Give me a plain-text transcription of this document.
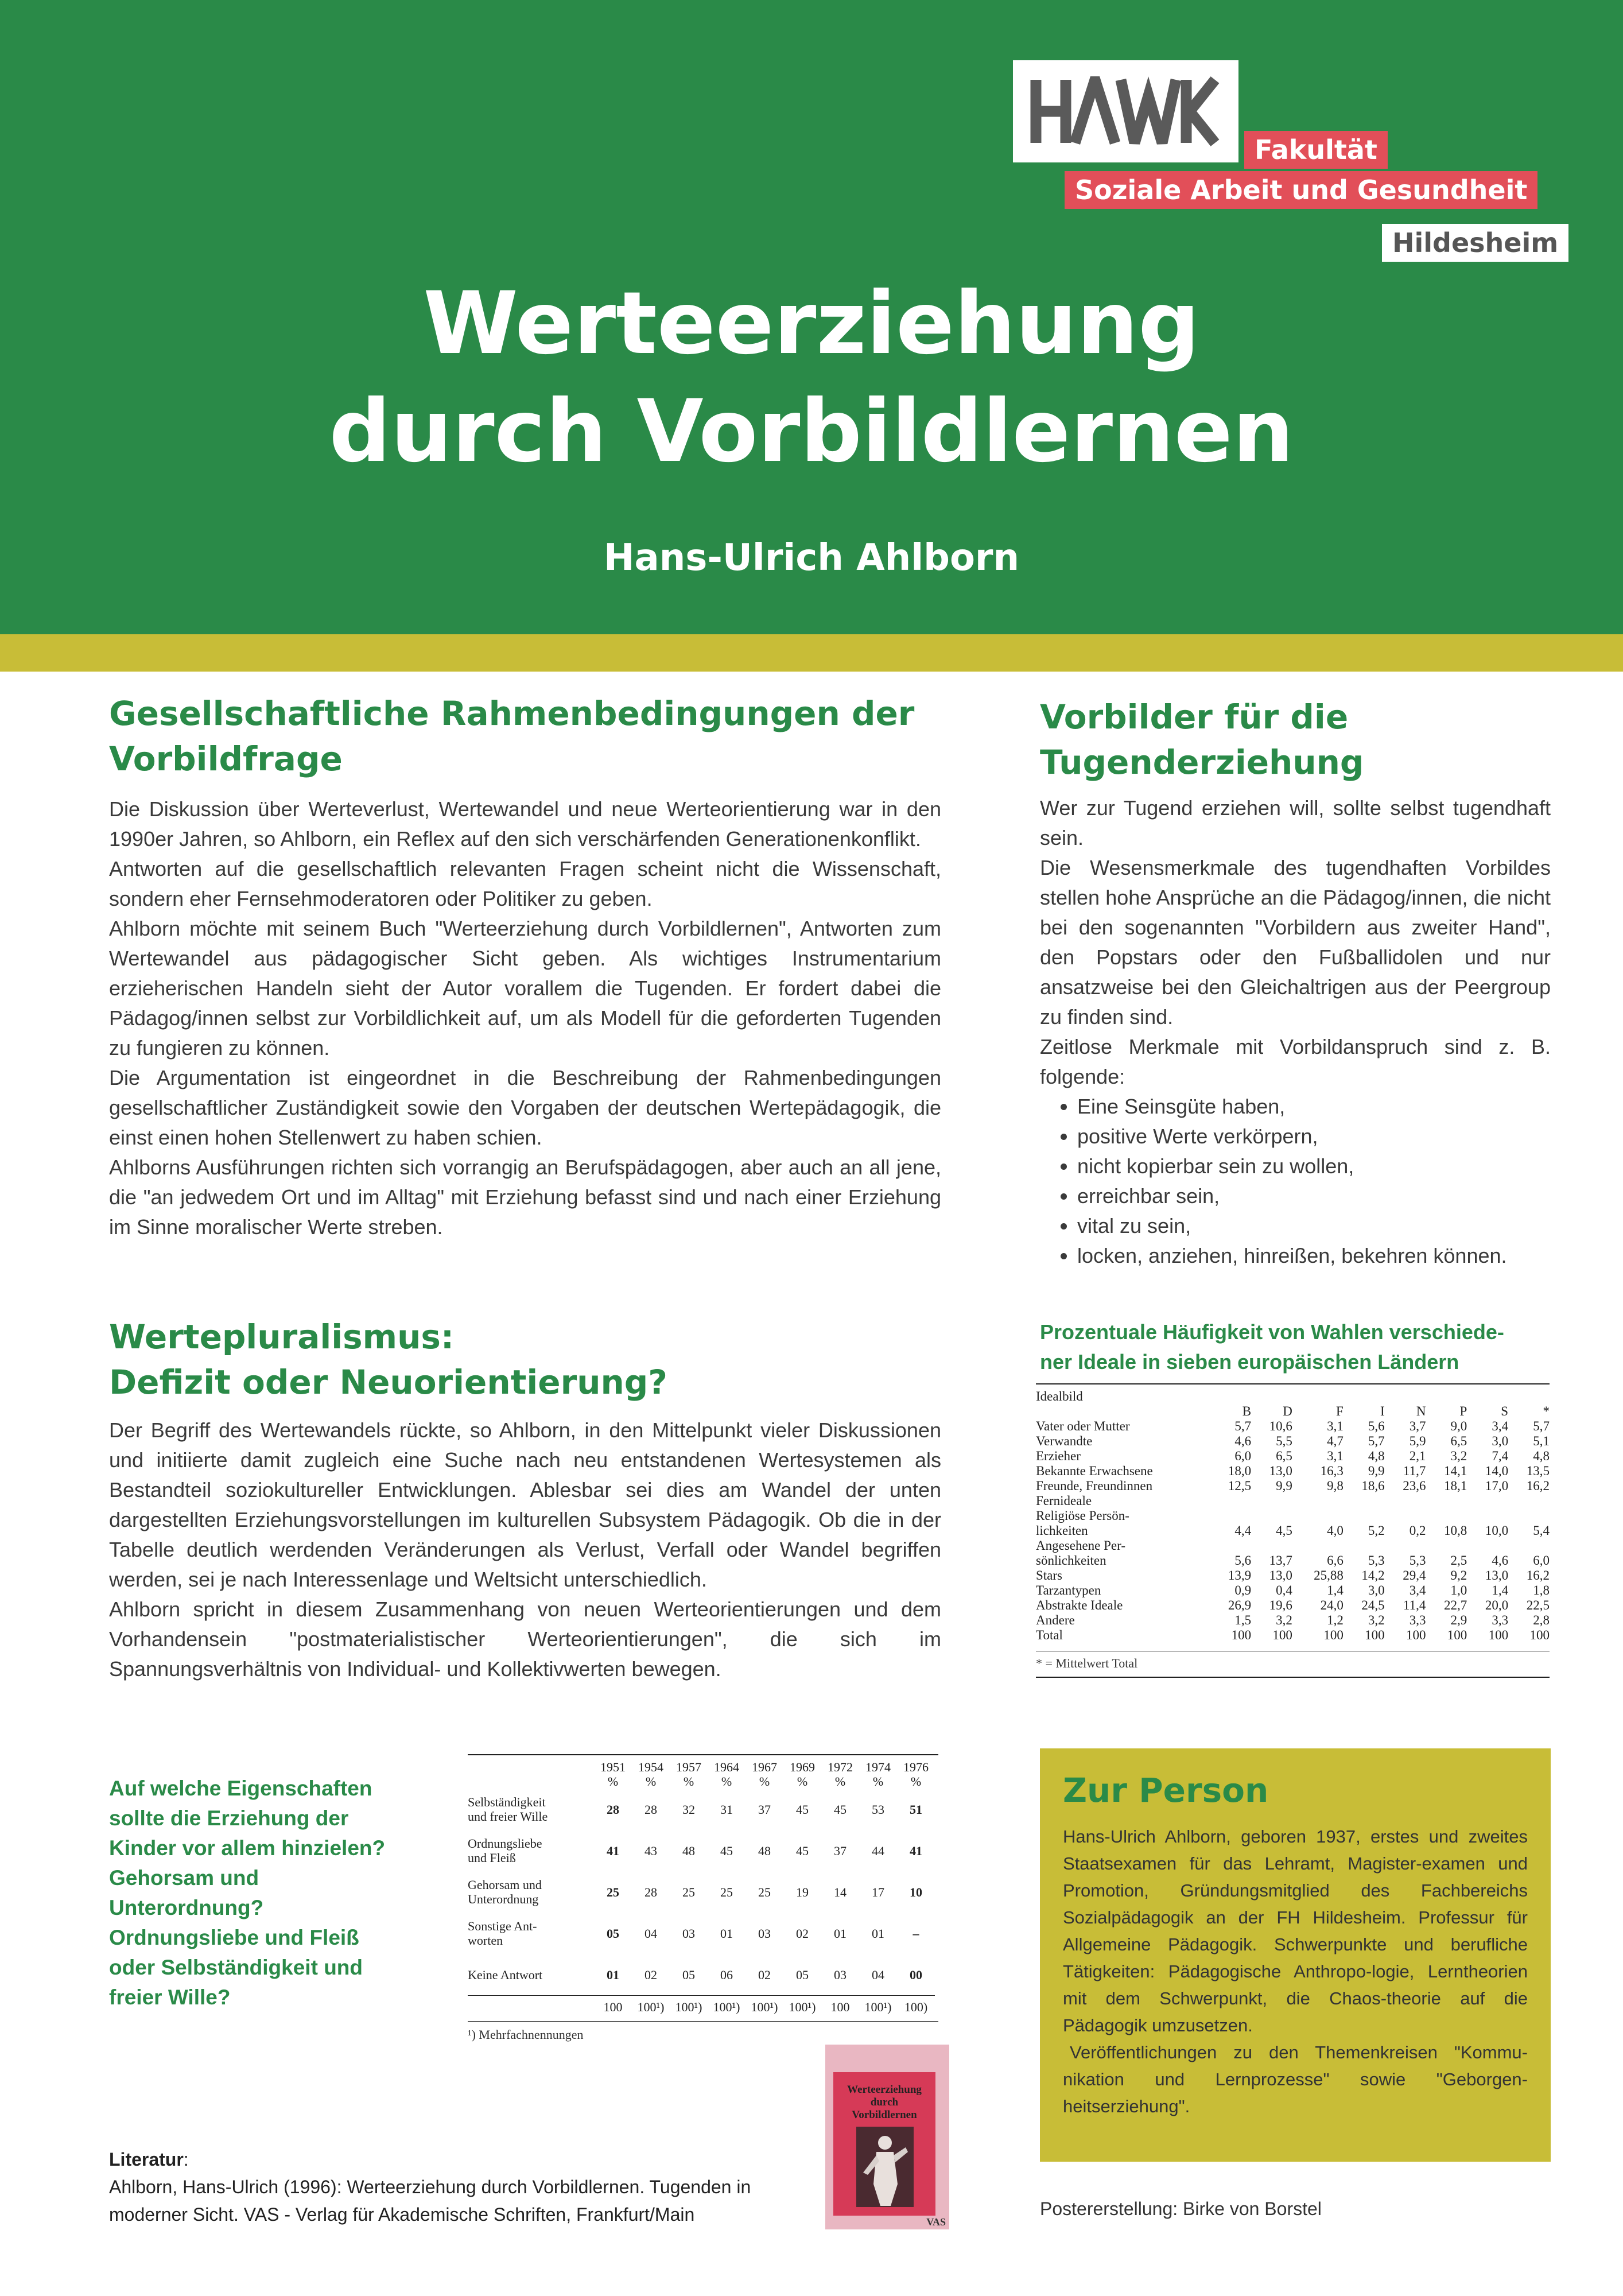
Fakultät
Soziale Arbeit und Gesundheit
Hildesheim
Werteerziehung
durch Vorbildlernen
Hans-Ulrich Ahlborn
Gesellschaftliche Rahmenbedingungen der
Vorbildfrage

Die Diskussion über Werteverlust, Wertewandel und neue Werteorientierung war in den 1990er Jahren, so Ahlborn, ein Reflex auf den sich verschärfenden Generationenkonflikt.

Antworten auf die gesellschaftlich relevanten Fragen scheint nicht die Wissenschaft, sondern eher Fernsehmoderatoren oder Politiker zu geben.

Ahlborn möchte mit seinem Buch "Werteerziehung durch Vorbildlernen", Antworten zum Wertewandel aus pädagogischer Sicht geben. Als wichtiges Instrumentarium erzieherischen Handeln sieht der Autor vorallem die Tugenden. Er fordert dabei die Pädagog/innen selbst zur Vorbildlichkeit auf, um als Modell für die geforderten Tugenden zu fungieren zu können.

Die Argumentation ist eingeordnet in die Beschreibung der Rahmenbedingungen gesellschaftlicher Zuständigkeit sowie den Vorgaben der deutschen Wertepädagogik, die einst einen hohen Stellenwert zu haben schien.

Ahlborns Ausführungen richten sich vorrangig an Berufspädagogen, aber auch an all jene, die "an jedwedem Ort und im Alltag" mit Erziehung befasst sind und nach einer Erziehung im Sinne moralischer Werte streben.

Vorbilder für die
Tugenderziehung

Wer zur Tugend erziehen will, sollte selbst tugendhaft sein.

Die Wesensmerkmale des tugendhaften Vorbildes stellen hohe Ansprüche an die Pädagog/innen, die nicht bei den sogenannten "Vorbildern aus zweiter Hand", den Popstars oder den Fußballidolen und nur ansatzweise bei den Gleichaltrigen aus der Peergroup zu finden sind.

Zeitlose Merkmale mit Vorbildanspruch sind z. B. folgende:

• Eine Seinsgüte haben,
• positive Werte verkörpern,
• nicht kopierbar sein zu wollen,
• erreichbar sein,
• vital zu sein,
• locken, anziehen, hinreißen, bekehren können.
Wertepluralismus:
Defizit oder Neuorientierung?

Der Begriff des Wertewandels rückte, so Ahlborn, in den Mittelpunkt vieler Diskussionen und initiierte damit zugleich eine Suche nach neu entstandenen Wertesystemen als Bestandteil soziokultureller Entwicklungen. Ablesbar sei dies am Wandel der unten dargestellten Erziehungsvorstellungen im kulturellen Subsystem Pädagogik. Ob die in der Tabelle deutlich werdenden Veränderungen als Verlust, Verfall oder Wandel begriffen werden, sei je nach Interessenlage und Weltsicht unterschiedlich.

Ahlborn spricht in diesem Zusammenhang von neuen Werteorientierungen und dem Vorhandensein "postmaterialistischer Werteorientierungen", die sich im Spannungsverhältnis von Individual- und Kollektivwerten bewegen.

Prozentuale Häufigkeit von Wahlen verschiede-
ner Ideale in sieben europäischen Ländern
Idealbild								
	B	D	F	I	N	P	S	*
Vater oder Mutter	5,7	10,6	3,1	5,6	3,7	9,0	3,4	5,7
Verwandte	4,6	5,5	4,7	5,7	5,9	6,5	3,0	5,1
Erzieher	6,0	6,5	3,1	4,8	2,1	3,2	7,4	4,8
Bekannte Erwachsene	18,0	13,0	16,3	9,9	11,7	14,1	14,0	13,5
Freunde, Freundinnen	12,5	9,9	9,8	18,6	23,6	18,1	17,0	16,2
Fernideale								
Religiöse Persön-								
lichkeiten	4,4	4,5	4,0	5,2	0,2	10,8	10,0	5,4
Angesehene Per-								
sönlichkeiten	5,6	13,7	6,6	5,3	5,3	2,5	4,6	6,0
Stars	13,9	13,0	25,88	14,2	29,4	9,2	13,0	16,2
Tarzantypen	0,9	0,4	1,4	3,0	3,4	1,0	1,4	1,8
Abstrakte Ideale	26,9	19,6	24,0	24,5	11,4	22,7	20,0	22,5
Andere	1,5	3,2	1,2	3,2	3,3	2,9	3,3	2,8
Total	100	100	100	100	100	100	100	100
* = Mittelwert Total
Auf welche Eigenschaften
sollte die Erziehung der
Kinder vor allem hinzielen?
Gehorsam und
Unterordnung?
Ordnungsliebe und Fleiß
oder Selbständigkeit und
freier Wille?
	1951	1954	1957	1964	1967	1969	1972	1974	1976
	%	%	%	%	%	%	%	%	%

Selbständigkeit
und freier Wille	28	28	32	31	37	45	45	53	51

Ordnungsliebe
und Fleiß	41	43	48	45	48	45	37	44	41

Gehorsam und
Unterordnung	25	28	25	25	25	19	14	17	10

Sonstige Ant-
worten	05	04	03	01	03	02	01	01	–

Keine Antwort	01	02	05	06	02	05	03	04	00
	100	100¹)	100¹)	100¹)	100¹)	100¹)	100	100¹)	100)
¹) Mehrfachnennungen
Werteerziehung
durch
Vorbildlernen
VAS
Literatur:
Ahlborn, Hans-Ulrich (1996): Werteerziehung durch Vorbildlernen. Tugenden in
moderner Sicht. VAS - Verlag für Akademische Schriften, Frankfurt/Main
Zur Person

Hans-Ulrich Ahlborn, geboren 1937, erstes und zweites Staatsexamen für das Lehramt, Magister-examen und Promotion, Gründungsmitglied des Fachbereichs Sozialpädagogik an der FH Hildesheim. Professur für Allgemeine Pädagogik. Schwerpunkte und berufliche Tätigkeiten: Pädagogische Anthropo-logie, Lerntheorien mit dem Schwerpunkt, die Chaos-theorie auf die Pädagogik umzusetzen.

Veröffentlichungen zu den Themenkreisen "Kommu-nikation und Lernprozesse" sowie "Geborgen-heitserziehung".

Postererstellung: Birke von Borstel
